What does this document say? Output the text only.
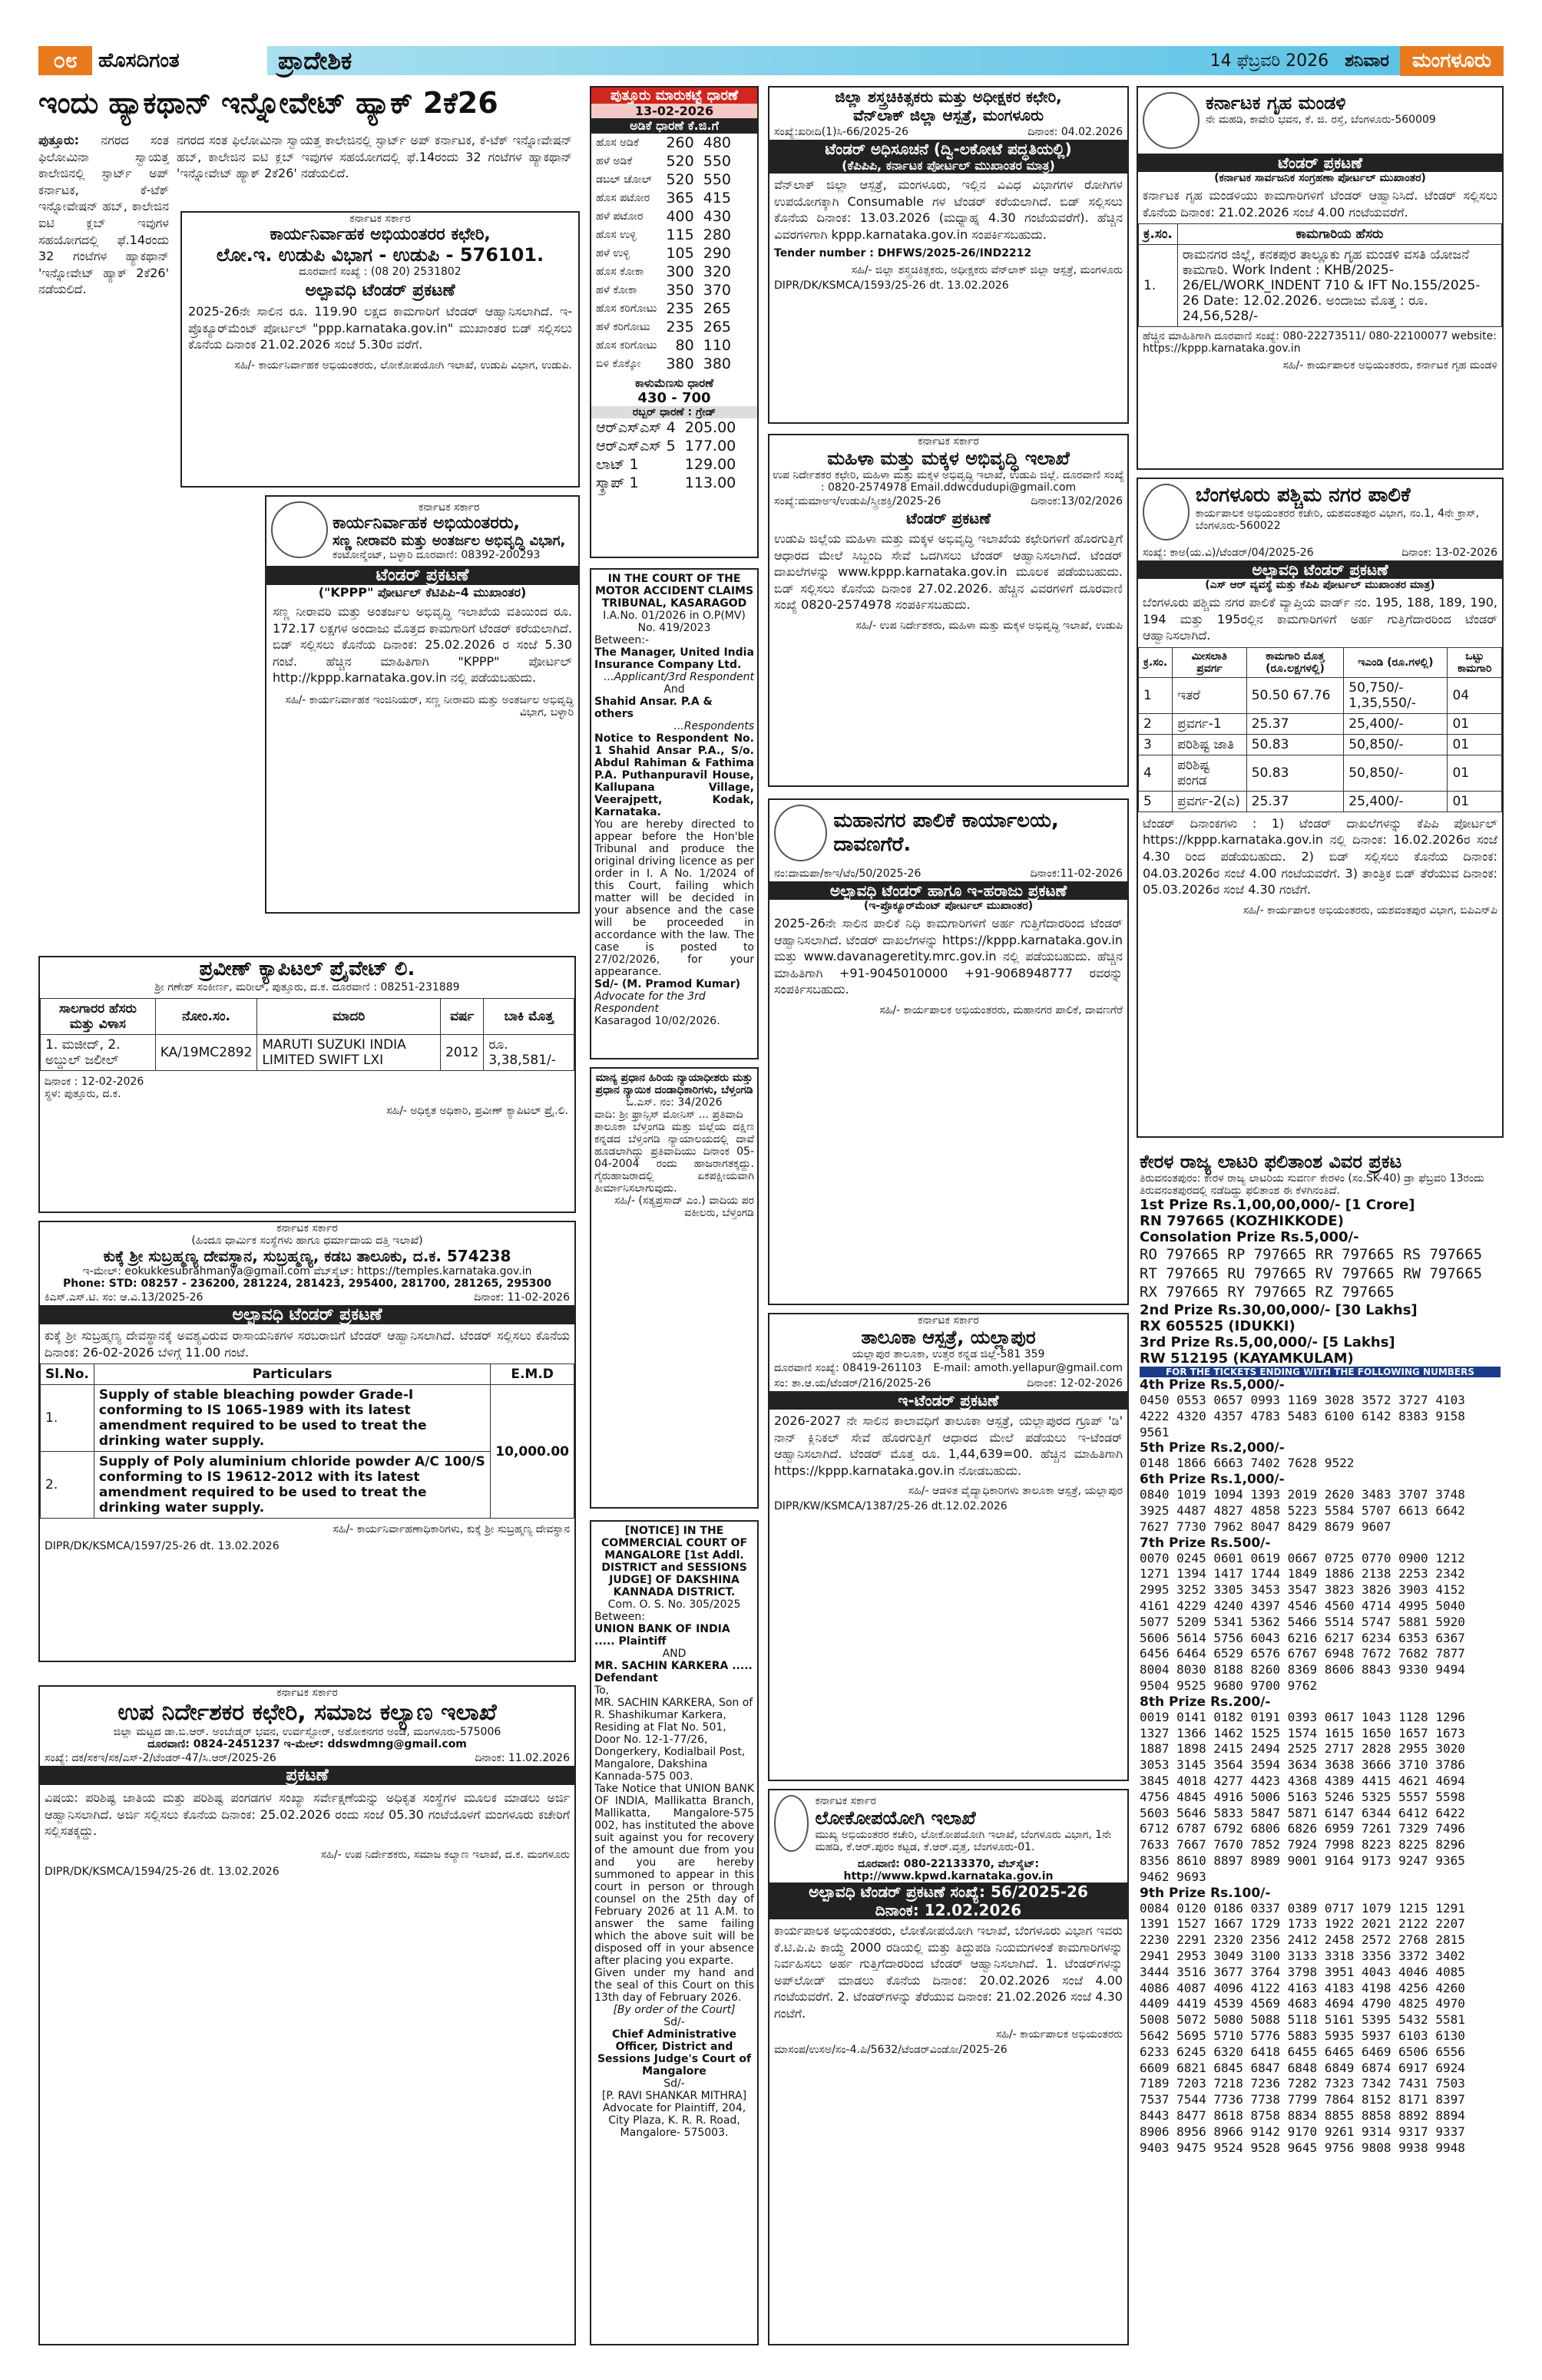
೦೮	ಹೊಸದಿಗಂತ	ಪ್ರಾದೇಶಿಕ	14 ಫೆಬ್ರವರಿ 2026 ಶನಿವಾರ	ಮಂಗಳೂರು
ಇಂದು ಹ್ಯಾಕಥಾನ್ ಇನ್ನೋವೇಟ್ ಹ್ಯಾಕ್ 2ಕೆ26
ಪುತ್ತೂರು: ನಗರದ ಸಂತ ಫಿಲೋಮಿನಾ ಸ್ವಾಯತ್ತ ಕಾಲೇಜಿನಲ್ಲಿ ಸ್ಟಾರ್ಟ್ ಅಪ್ ಕರ್ನಾಟಕ, ಕೆ-ಟೆಕ್ ಇನ್ನೋವೇಷನ್ ಹಬ್, ಕಾಲೇಜಿನ ಐಟಿ ಕ್ಲಬ್ ಇವುಗಳ ಸಹಯೋಗದಲ್ಲಿ ಫೆ.14ರಂದು 32 ಗಂಟೆಗಳ ಹ್ಯಾಕಥಾನ್ 'ಇನ್ನೋವೇಟ್ ಹ್ಯಾಕ್ 2ಕೆ26' ನಡೆಯಲಿದೆ.
ನಗರದ ಸಂತ ಫಿಲೋಮಿನಾ ಸ್ವಾಯತ್ತ ಕಾಲೇಜಿನಲ್ಲಿ ಸ್ಟಾರ್ಟ್ ಅಪ್ ಕರ್ನಾಟಕ, ಕೆ-ಟೆಕ್ ಇನ್ನೋವೇಷನ್ ಹಬ್, ಕಾಲೇಜಿನ ಐಟಿ ಕ್ಲಬ್ ಇವುಗಳ ಸಹಯೋಗದಲ್ಲಿ ಫೆ.14ರಂದು 32 ಗಂಟೆಗಳ ಹ್ಯಾಕಥಾನ್ 'ಇನ್ನೋವೇಟ್ ಹ್ಯಾಕ್ 2ಕೆ26' ನಡೆಯಲಿದೆ.
ಕರ್ನಾಟಕ ಸರ್ಕಾರ
ಕಾರ್ಯನಿರ್ವಾಹಕ ಅಭಿಯಂತರರ ಕಛೇರಿ,
ಲೋ.ಇ. ಉಡುಪಿ ವಿಭಾಗ - ಉಡುಪಿ - 576101.
ದೂರವಾಣಿ ಸಂಖ್ಯೆ : (08 20) 2531802
ಅಲ್ಪಾವಧಿ ಟೆಂಡರ್ ಪ್ರಕಟಣೆ
2025-26ನೇ ಸಾಲಿನ ರೂ. 119.90 ಲಕ್ಷದ ಕಾಮಗಾರಿಗೆ ಟೆಂಡರ್ ಆಹ್ವಾನಿಸಲಾಗಿದೆ. ಇ-ಪ್ರೊಕ್ಯೂರ್‌ಮೆಂಟ್ ಪೋರ್ಟಲ್ "ppp.karnataka.gov.in" ಮುಖಾಂತರ ಬಿಡ್ ಸಲ್ಲಿಸಲು ಕೊನೆಯ ದಿನಾಂಕ 21.02.2026 ಸಂಜೆ 5.30ರ ವರೆಗೆ.
ಸಹಿ/- ಕಾರ್ಯನಿರ್ವಾಹಕ ಅಭಿಯಂತರರು, ಲೋಕೋಪಯೋಗಿ ಇಲಾಖೆ, ಉಡುಪಿ ವಿಭಾಗ, ಉಡುಪಿ.
ಕರ್ನಾಟಕ ಸರ್ಕಾರ
ಕಾರ್ಯನಿರ್ವಾಹಕ ಅಭಿಯಂತರರು,
ಸಣ್ಣ ನೀರಾವರಿ ಮತ್ತು ಅಂತರ್ಜಲ ಅಭಿವೃದ್ಧಿ ವಿಭಾಗ,
ಕಂಟೋನ್ಮೆಂಟ್, ಬಳ್ಳಾರಿ ದೂರವಾಣಿ: 08392-200293
ಟೆಂಡರ್ ಪ್ರಕಟಣೆ
("KPPP" ಪೋರ್ಟಲ್ ಕೆಟಿಪಿಪಿ-4 ಮುಖಾಂತರ)
ಸಣ್ಣ ನೀರಾವರಿ ಮತ್ತು ಅಂತರ್ಜಲ ಅಭಿವೃದ್ಧಿ ಇಲಾಖೆಯ ವತಿಯಿಂದ ರೂ. 172.17 ಲಕ್ಷಗಳ ಅಂದಾಜು ಮೊತ್ತದ ಕಾಮಗಾರಿಗೆ ಟೆಂಡರ್ ಕರೆಯಲಾಗಿದೆ. ಬಿಡ್ ಸಲ್ಲಿಸಲು ಕೊನೆಯ ದಿನಾಂಕ: 25.02.2026 ರ ಸಂಜೆ 5.30 ಗಂಟೆ. ಹೆಚ್ಚಿನ ಮಾಹಿತಿಗಾಗಿ "KPPP" ಪೋರ್ಟಲ್ http://kppp.karnataka.gov.in ನಲ್ಲಿ ಪಡೆಯಬಹುದು.
ಸಹಿ/- ಕಾರ್ಯನಿರ್ವಾಹಕ ಇಂಜಿನಿಯರ್, ಸಣ್ಣ ನೀರಾವರಿ ಮತ್ತು ಅಂತರ್ಜಲ ಅಭಿವೃದ್ಧಿ ವಿಭಾಗ, ಬಳ್ಳಾರಿ
ಪ್ರವೀಣ್ ಕ್ಯಾಪಿಟಲ್ ಪ್ರೈವೇಟ್ ಲಿ.
ಶ್ರೀ ಗಣೇಶ್ ಸಂಕೀರ್ಣ, ಮರೀಲ್, ಪುತ್ತೂರು, ದ.ಕ. ದೂರವಾಣಿ : 08251-231889
ಸಾಲಗಾರರ ಹೆಸರು ಮತ್ತು ವಿಳಾಸ	ನೋಂ.ಸಂ.	ಮಾದರಿ	ವರ್ಷ	ಬಾಕಿ ಮೊತ್ತ
1. ಮಜೀದ್, 2. ಅಬ್ದುಲ್ ಜಲೀಲ್	KA/19MC2892	MARUTI SUZUKI INDIA LIMITED SWIFT LXI	2012	ರೂ. 3,38,581/-
ದಿನಾಂಕ : 12-02-2026
ಸ್ಥಳ: ಪುತ್ತೂರು, ದ.ಕ.
ಸಹಿ/- ಅಧಿಕೃತ ಅಧಿಕಾರಿ, ಪ್ರವೀಣ್ ಕ್ಯಾಪಿಟಲ್ ಪ್ರೈ.ಲಿ.
ಕರ್ನಾಟಕ ಸರ್ಕಾರ
(ಹಿಂದೂ ಧಾರ್ಮಿಕ ಸಂಸ್ಥೆಗಳು ಹಾಗೂ ಧರ್ಮಾದಾಯ ದತ್ತಿ ಇಲಾಖೆ)
ಕುಕ್ಕೆ ಶ್ರೀ ಸುಬ್ರಹ್ಮಣ್ಯ ದೇವಸ್ಥಾನ, ಸುಬ್ರಹ್ಮಣ್ಯ, ಕಡಬ ತಾಲೂಕು, ದ.ಕ. 574238
ಇ-ಮೇಲ್: eokukkesubrahmanya@gmail.com ವೆಬ್‌ಸೈಟ್: https://temples.karnataka.gov.in
Phone: STD: 08257 - 236200, 281224, 281423, 295400, 281700, 281265, 295300
ಕಿಎಸ್.ಎಸ್.ಟಿ. ಸಂ: ಆ.ವಿ.13/2025-26	ದಿನಾಂಕ: 11-02-2026
ಅಲ್ಪಾವಧಿ ಟೆಂಡರ್ ಪ್ರಕಟಣೆ
ಕುಕ್ಕೆ ಶ್ರೀ ಸುಬ್ರಹ್ಮಣ್ಯ ದೇವಸ್ಥಾನಕ್ಕೆ ಅವಶ್ಯವಿರುವ ರಾಸಾಯನಿಕಗಳ ಸರಬರಾಜಿಗೆ ಟೆಂಡರ್ ಆಹ್ವಾನಿಸಲಾಗಿದೆ. ಟೆಂಡರ್ ಸಲ್ಲಿಸಲು ಕೊನೆಯ ದಿನಾಂಕ: 26-02-2026 ಬೆಳಿಗ್ಗೆ 11.00 ಗಂಟೆ.
Sl.No.	Particulars	E.M.D
1.	Supply of stable bleaching powder Grade-I conforming to IS 1065-1989 with its latest amendment required to be used to treat the drinking water supply.	10,000.00
2.	Supply of Poly aluminium chloride powder A/C 100/S conforming to IS 19612-2012 with its latest amendment required to be used to treat the drinking water supply.	
ಸಹಿ/- ಕಾರ್ಯನಿರ್ವಾಹಣಾಧಿಕಾರಿಗಳು, ಕುಕ್ಕೆ ಶ್ರೀ ಸುಬ್ರಹ್ಮಣ್ಯ ದೇವಸ್ಥಾನ
DIPR/DK/KSMCA/1597/25-26 dt. 13.02.2026
ಕರ್ನಾಟಕ ಸರ್ಕಾರ
ಉಪ ನಿರ್ದೇಶಕರ ಕಛೇರಿ, ಸಮಾಜ ಕಲ್ಯಾಣ ಇಲಾಖೆ
ಜಿಲ್ಲಾ ಮಟ್ಟದ ಡಾ.ಬಿ.ಆರ್. ಅಂಬೇಡ್ಕರ್ ಭವನ, ಉರ್ವಸ್ಟೋರ್, ಅಶೋಕನಗರ ಅಂಚೆ, ಮಂಗಳೂರು-575006
ದೂರವಾಣಿ: 0824-2451237 ಇ-ಮೇಲ್: ddswdmng@gmail.com
ಸಂಖ್ಯೆ: ದಕ/ಸಕಇ/ಸಕ/ಎಸ್-2/ಟೆಂಡರ್-47/ಸಿ.ಆರ್/2025-26	ದಿನಾಂಕ: 11.02.2026
ಪ್ರಕಟಣೆ
ವಿಷಯ: ಪರಿಶಿಷ್ಟ ಜಾತಿಯ ಮತ್ತು ಪರಿಶಿಷ್ಟ ಪಂಗಡಗಳ ಸಂಖ್ಯಾ ಸರ್ವೇಕ್ಷಣೆಯನ್ನು ಅಧಿಕೃತ ಸಂಸ್ಥೆಗಳ ಮೂಲಕ ಮಾಡಲು ಅರ್ಜಿ ಆಹ್ವಾನಿಸಲಾಗಿದೆ. ಅರ್ಜಿ ಸಲ್ಲಿಸಲು ಕೊನೆಯ ದಿನಾಂಕ: 25.02.2026 ರಂದು ಸಂಜೆ 05.30 ಗಂಟೆಯೊಳಗೆ ಮಂಗಳೂರು ಕಚೇರಿಗೆ ಸಲ್ಲಿಸತಕ್ಕದ್ದು.
ಸಹಿ/- ಉಪ ನಿರ್ದೇಶಕರು, ಸಮಾಜ ಕಲ್ಯಾಣ ಇಲಾಖೆ, ದ.ಕ. ಮಂಗಳೂರು
DIPR/DK/KSMCA/1594/25-26 dt. 13.02.2026
ಪುತ್ತೂರು ಮಾರುಕಟ್ಟೆ ಧಾರಣೆ
13-02-2026
ಅಡಿಕೆ ಧಾರಣೆ ಕೆ.ಜಿ.ಗೆ
ಹೊಸ ಅಡಿಕೆ	260	480
ಹಳೆ ಅಡಿಕೆ	520	550
ಡಬಲ್ ಚೋಲ್	520	550
ಹೊಸ ಪಟೋರ	365	415
ಹಳೆ ಪಟೋರ	400	430
ಹೊಸ ಉಳ್ಳಿ	115	280
ಹಳೆ ಉಳ್ಳಿ	105	290
ಹೊಸ ಕೋಕಾ	300	320
ಹಳೆ ಕೋಕಾ	350	370
ಹೊಸ ಕರಿಗೋಟು	235	265
ಹಳೆ ಕರಿಗೋಟು	235	265
ಹೊಸ ಕರಿಗೋಟು	80	110
ಬಿಳಿ ಕೊಕ್ಕೋ	380	380
ಕಾಳುಮೆಣಸು ಧಾರಣೆ
430 - 700
ರಬ್ಬರ್ ಧಾರಣೆ : ಗ್ರೇಡ್
ಆರ್‌ಎಸ್ಎಸ್ 4	205.00
ಆರ್‌ಎಸ್ಎಸ್ 5	177.00
ಲಾಟ್ 1	129.00
ಸ್ಕ್ರಾಪ್ 1	113.00
IN THE COURT OF THE MOTOR ACCIDENT CLAIMS TRIBUNAL, KASARAGOD
I.A.No. 01/2026 in O.P(MV) No. 419/2023
Between:-
The Manager, United India Insurance Company Ltd.
...Applicant/3rd Respondent
And
Shahid Ansar. P.A & others
...Respondents
Notice to Respondent No. 1 Shahid Ansar P.A., S/o. Abdul Rahiman & Fathima P.A. Puthanpuravil House, Kallupana Village, Veerajpett, Kodak, Karnataka.
You are hereby directed to appear before the Hon'ble Tribunal and produce the original driving licence as per order in I. A No. 1/2024 of this Court, failing which matter will be decided in your absence and the case will be proceeded in accordance with the law. The case is posted to 27/02/2026, for your appearance.
Sd/- (M. Pramod Kumar)
Advocate for the 3rd Respondent
Kasaragod 10/02/2026.
ಮಾನ್ಯ ಪ್ರಧಾನ ಹಿರಿಯ ನ್ಯಾಯಾಧೀಶರು ಮತ್ತು ಪ್ರಧಾನ ನ್ಯಾಯಿಕ ದಂಡಾಧಿಕಾರಿಗಳು, ಬೆಳ್ತಂಗಡಿ
ಓ.ಎಸ್. ನಂ: 34/2026
ವಾದಿ: ಶ್ರೀ ಫ್ರಾನ್ಸಿಸ್ ಮೋನಿಸ್ ... ಪ್ರತಿವಾದಿ
ತಾಲೂಕಾ ಬೆಳ್ತಂಗಡಿ ಮತ್ತು ಜಿಲ್ಲೆಯ ದಕ್ಷಿಣ ಕನ್ನಡದ ಬೆಳ್ತಂಗಡಿ ನ್ಯಾಯಾಲಯದಲ್ಲಿ ದಾವೆ ಹೂಡಲಾಗಿದ್ದು ಪ್ರತಿವಾದಿಯು ದಿನಾಂಕ 05-04-2004 ರಂದು ಹಾಜರಾಗತಕ್ಕದ್ದು. ಗೈರುಹಾಜರಾದಲ್ಲಿ ಏಕಪಕ್ಷೀಯವಾಗಿ ತೀರ್ಮಾನಿಸಲಾಗುವುದು.
ಸಹಿ/- (ಸತ್ಯಪ್ರಸಾದ್ ಎಂ.) ವಾದಿಯ ಪರ ವಕೀಲರು, ಬೆಳ್ತಂಗಡಿ
[NOTICE] IN THE COMMERCIAL COURT OF MANGALORE [1st Addl. DISTRICT and SESSIONS JUDGE] OF DAKSHINA KANNADA DISTRICT.
Com. O. S. No. 305/2025
Between:
UNION BANK OF INDIA ..... Plaintiff
AND
MR. SACHIN KARKERA ..... Defendant
To,
MR. SACHIN KARKERA, Son of R. Shashikumar Karkera, Residing at Flat No. 501, Door No. 12-1-77/26, Dongerkery, Kodialbail Post, Mangalore, Dakshina Kannada-575 003.
Take Notice that UNION BANK OF INDIA, Mallikatta Branch, Mallikatta, Mangalore-575 002, has instituted the above suit against you for recovery of the amount due from you and you are hereby summoned to appear in this court in person or through counsel on the 25th day of February 2026 at 11 A.M. to answer the same failing which the above suit will be disposed off in your absence after placing you exparte.
Given under my hand and the seal of this Court on this 13th day of February 2026.
[By order of the Court]
Sd/-
Chief Administrative Officer, District and Sessions Judge's Court of Mangalore
Sd/-
[P. RAVI SHANKAR MITHRA] Advocate for Plaintiff, 204, City Plaza, K. R. R. Road, Mangalore- 575003.
ಜಿಲ್ಲಾ ಶಸ್ತ್ರಚಿಕಿತ್ಸಕರು ಮತ್ತು ಅಧೀಕ್ಷಕರ ಕಛೇರಿ,
ವೆನ್‌ಲಾಕ್ ಜಿಲ್ಲಾ ಆಸ್ಪತ್ರೆ, ಮಂಗಳೂರು
ಸಂಖ್ಯೆ:ಖರೀದಿ(1)ಸಿ-66/2025-26	ದಿನಾಂಕ: 04.02.2026
ಟೆಂಡರ್ ಅಧಿಸೂಚನೆ (ದ್ವಿ-ಲಕೋಟೆ ಪದ್ಧತಿಯಲ್ಲಿ)
(ಕೆಪಿಪಿಪಿ, ಕರ್ನಾಟಕ ಪೋರ್ಟಲ್ ಮುಖಾಂತರ ಮಾತ್ರ)
ವೆನ್‌ಲಾಕ್ ಜಿಲ್ಲಾ ಆಸ್ಪತ್ರೆ, ಮಂಗಳೂರು, ಇಲ್ಲಿನ ವಿವಿಧ ವಿಭಾಗಗಳ ರೋಗಿಗಳ ಉಪಯೋಗಕ್ಕಾಗಿ Consumable ಗಳ ಟೆಂಡರ್ ಕರೆಯಲಾಗಿದೆ. ಬಿಡ್ ಸಲ್ಲಿಸಲು ಕೊನೆಯ ದಿನಾಂಕ: 13.03.2026 (ಮಧ್ಯಾಹ್ನ 4.30 ಗಂಟೆಯವರೆಗೆ). ಹೆಚ್ಚಿನ ವಿವರಗಳಿಗಾಗಿ kppp.karnataka.gov.in ಸಂಪರ್ಕಿಸಬಹುದು.
Tender number : DHFWS/2025-26/IND2212
ಸಹಿ/- ಜಿಲ್ಲಾ ಶಸ್ತ್ರಚಿಕಿತ್ಸಕರು, ಅಧೀಕ್ಷಕರು ವೆನ್‌ಲಾಕ್ ಜಿಲ್ಲಾ ಆಸ್ಪತ್ರೆ, ಮಂಗಳೂರು
DIPR/DK/KSMCA/1593/25-26 dt. 13.02.2026
ಕರ್ನಾಟಕ ಸರ್ಕಾರ
ಮಹಿಳಾ ಮತ್ತು ಮಕ್ಕಳ ಅಭಿವೃದ್ಧಿ ಇಲಾಖೆ
ಉಪ ನಿರ್ದೇಶಕರ ಕಛೇರಿ, ಮಹಿಳಾ ಮತ್ತು ಮಕ್ಕಳ ಅಭಿವೃದ್ಧಿ ಇಲಾಖೆ, ಉಡುಪಿ ಜಿಲ್ಲೆ. ದೂರವಾಣಿ ಸಂಖ್ಯೆ : 0820-2574978 Email.ddwcdudupi@gmail.com
ಸಂಖ್ಯೆ:ಮಮಾಅಇ/ಉಡುಪಿ/ಸ್ತ್ರೀಶಕ್ತಿ/2025-26	ದಿನಾಂಕ:13/02/2026
ಟೆಂಡರ್ ಪ್ರಕಟಣೆ
ಉಡುಪಿ ಜಿಲ್ಲೆಯ ಮಹಿಳಾ ಮತ್ತು ಮಕ್ಕಳ ಅಭಿವೃದ್ಧಿ ಇಲಾಖೆಯ ಕಛೇರಿಗಳಿಗೆ ಹೊರಗುತ್ತಿಗೆ ಆಧಾರದ ಮೇಲೆ ಸಿಬ್ಬಂದಿ ಸೇವೆ ಒದಗಿಸಲು ಟೆಂಡರ್ ಆಹ್ವಾನಿಸಲಾಗಿದೆ. ಟೆಂಡರ್ ದಾಖಲೆಗಳನ್ನು www.kppp.karnataka.gov.in ಮೂಲಕ ಪಡೆಯಬಹುದು. ಬಿಡ್ ಸಲ್ಲಿಸಲು ಕೊನೆಯ ದಿನಾಂಕ 27.02.2026. ಹೆಚ್ಚಿನ ವಿವರಗಳಿಗೆ ದೂರವಾಣಿ ಸಂಖ್ಯೆ 0820-2574978 ಸಂಪರ್ಕಿಸಬಹುದು.
ಸಹಿ/- ಉಪ ನಿರ್ದೇಶಕರು, ಮಹಿಳಾ ಮತ್ತು ಮಕ್ಕಳ ಅಭಿವೃದ್ಧಿ ಇಲಾಖೆ, ಉಡುಪಿ
ಮಹಾನಗರ ಪಾಲಿಕೆ ಕಾರ್ಯಾಲಯ, ದಾವಣಗೆರೆ.
ನಂ:ದಾಮಪಾ/ಕಾಇ/ಟೆಂ/50/2025-26	ದಿನಾಂಕ:11-02-2026
ಅಲ್ಪಾವಧಿ ಟೆಂಡರ್ ಹಾಗೂ ಇ-ಹರಾಜು ಪ್ರಕಟಣೆ
(ಇ-ಪ್ರೊಕ್ಯೂರ್‌ಮೆಂಟ್ ಪೋರ್ಟಲ್ ಮುಖಾಂತರ)
2025-26ನೇ ಸಾಲಿನ ಪಾಲಿಕೆ ನಿಧಿ ಕಾಮಗಾರಿಗಳಿಗೆ ಅರ್ಹ ಗುತ್ತಿಗೆದಾರರಿಂದ ಟೆಂಡರ್ ಆಹ್ವಾನಿಸಲಾಗಿದೆ. ಟೆಂಡರ್ ದಾಖಲೆಗಳನ್ನು https://kppp.karnataka.gov.in ಮತ್ತು www.davanageretity.mrc.gov.in ನಲ್ಲಿ ಪಡೆಯಬಹುದು. ಹೆಚ್ಚಿನ ಮಾಹಿತಿಗಾಗಿ +91-9045010000 +91-9068948777 ರವರನ್ನು ಸಂಪರ್ಕಿಸಬಹುದು.
ಸಹಿ/- ಕಾರ್ಯಪಾಲಕ ಅಭಿಯಂತರರು, ಮಹಾನಗರ ಪಾಲಿಕೆ, ದಾವಣಗೆರೆ
ಕರ್ನಾಟಕ ಸರ್ಕಾರ
ತಾಲೂಕಾ ಆಸ್ಪತ್ರೆ, ಯಲ್ಲಾಪುರ
ಯಲ್ಲಾಪುರ ತಾಲೂಕಾ, ಉತ್ತರ ಕನ್ನಡ ಜಿಲ್ಲೆ-581 359
ದೂರವಾಣಿ ಸಂಖ್ಯೆ: 08419-261103 E-mail: amoth.yellapur@gmail.com
ಸಂ: ತಾ.ಆ.ಯ/ಟೆಂಡರ್/216/2025-26	ದಿನಾಂಕ: 12-02-2026
ಇ-ಟೆಂಡರ್ ಪ್ರಕಟಣೆ
2026-2027 ನೇ ಸಾಲಿನ ಕಾಲಾವಧಿಗೆ ತಾಲೂಕಾ ಆಸ್ಪತ್ರೆ, ಯಲ್ಲಾಪುರದ ಗ್ರೂಪ್ 'ಡಿ' ನಾನ್ ಕ್ಲಿನಿಕಲ್ ಸೇವೆ ಹೊರಗುತ್ತಿಗೆ ಆಧಾರದ ಮೇಲೆ ಪಡೆಯಲು ಇ-ಟೆಂಡರ್ ಆಹ್ವಾನಿಸಲಾಗಿದೆ. ಟೆಂಡರ್ ಮೊತ್ತ ರೂ. 1,44,639=00. ಹೆಚ್ಚಿನ ಮಾಹಿತಿಗಾಗಿ https://kppp.karnataka.gov.in ನೋಡಬಹುದು.
ಸಹಿ/- ಆಡಳಿತ ವೈದ್ಯಾಧಿಕಾರಿಗಳು ತಾಲೂಕಾ ಆಸ್ಪತ್ರೆ, ಯಲ್ಲಾಪುರ
DIPR/KW/KSMCA/1387/25-26 dt.12.02.2026
ಕರ್ನಾಟಕ ಸರ್ಕಾರ
ಲೋಕೋಪಯೋಗಿ ಇಲಾಖೆ
ಮುಖ್ಯ ಅಭಿಯಂತರರ ಕಚೇರಿ, ಲೋಕೋಪಯೋಗಿ ಇಲಾಖೆ, ಬೆಂಗಳೂರು ವಿಭಾಗ, 1ನೇ ಮಹಡಿ, ಕೆ.ಆರ್.ಪುರಂ ಕಟ್ಟಡ, ಕೆ.ಆರ್.ವೃತ್ತ, ಬೆಂಗಳೂರು-01.
ದೂರವಾಣಿ: 080-22133370, ವೆಬ್‌ಸೈಟ್: http://www.kpwd.karnataka.gov.in
ಅಲ್ಪಾವಧಿ ಟೆಂಡರ್ ಪ್ರಕಟಣೆ ಸಂಖ್ಯೆ: 56/2025-26
ದಿನಾಂಕ: 12.02.2026
ಕಾರ್ಯಪಾಲಕ ಅಭಿಯಂತರರು, ಲೋಕೋಪಯೋಗಿ ಇಲಾಖೆ, ಬೆಂಗಳೂರು ವಿಭಾಗ ಇವರು ಕೆ.ಟಿ.ಪಿ.ಪಿ ಕಾಯ್ದೆ 2000 ರಡಿಯಲ್ಲಿ ಮತ್ತು ತಿದ್ದುಪಡಿ ನಿಯಮಗಳಂತೆ ಕಾಮಗಾರಿಗಳನ್ನು ನಿರ್ವಹಿಸಲು ಅರ್ಹ ಗುತ್ತಿಗೆದಾರರಿಂದ ಟೆಂಡರ್ ಆಹ್ವಾನಿಸಲಾಗಿದೆ. 1. ಟೆಂಡರ್‌ಗಳನ್ನು ಅಪ್‌ಲೋಡ್ ಮಾಡಲು ಕೊನೆಯ ದಿನಾಂಕ: 20.02.2026 ಸಂಜೆ 4.00 ಗಂಟೆಯವರೆಗೆ. 2. ಟೆಂಡರ್‌ಗಳನ್ನು ತೆರೆಯುವ ದಿನಾಂಕ: 21.02.2026 ಸಂಜೆ 4.30 ಗಂಟೆಗೆ.
ಸಹಿ/- ಕಾರ್ಯಪಾಲಕ ಅಭಿಯಂತರರು
ಮಾಸಂಪ/ಉಸಅ/ಸಂ-4.ಪಿ/5632/ಟೆಂಡರ್‌ವಿಂಡೋ/2025-26
ಕರ್ನಾಟಕ ಗೃಹ ಮಂಡಳಿ
ನೇ ಮಹಡಿ, ಕಾವೇರಿ ಭವನ, ಕೆ. ಜಿ. ರಸ್ತೆ, ಬೆಂಗಳೂರು-560009
ಟೆಂಡರ್ ಪ್ರಕಟಣೆ
(ಕರ್ನಾಟಕ ಸಾರ್ವಜನಿಕ ಸಂಗ್ರಹಣಾ ಪೋರ್ಟಲ್ ಮುಖಾಂತರ)
ಕರ್ನಾಟಕ ಗೃಹ ಮಂಡಳಿಯು ಕಾಮಗಾರಿಗಳಿಗೆ ಟೆಂಡರ್ ಆಹ್ವಾನಿಸಿದೆ. ಟೆಂಡರ್ ಸಲ್ಲಿಸಲು ಕೊನೆಯ ದಿನಾಂಕ: 21.02.2026 ಸಂಜೆ 4.00 ಗಂಟೆಯವರೆಗೆ.
ಕ್ರ.ಸಂ.	ಕಾಮಗಾರಿಯ ಹೆಸರು
1.	ರಾಮನಗರ ಜಿಲ್ಲೆ, ಕನಕಪುರ ತಾಲ್ಲೂಕು ಗೃಹ ಮಂಡಳಿ ವಸತಿ ಯೋಜನೆ ಕಾಮಗಾರಿ. Work Indent : KHB/2025-26/EL/WORK_INDENT 710 & IFT No.155/2025-26 Date: 12.02.2026. ಅಂದಾಜು ಮೊತ್ತ : ರೂ. 24,56,528/-
ಹೆಚ್ಚಿನ ಮಾಹಿತಿಗಾಗಿ ದೂರವಾಣಿ ಸಂಖ್ಯೆ: 080-22273511/ 080-22100077 website: https://kppp.karnataka.gov.in
ಸಹಿ/- ಕಾರ್ಯಪಾಲಕ ಅಭಿಯಂತರರು, ಕರ್ನಾಟಕ ಗೃಹ ಮಂಡಳಿ
ಬೆಂಗಳೂರು ಪಶ್ಚಿಮ ನಗರ ಪಾಲಿಕೆ
ಕಾರ್ಯಪಾಲಕ ಅಭಿಯಂತರರ ಕಚೇರಿ, ಯಶವಂತಪುರ ವಿಭಾಗ, ನಂ.1, 4ನೇ ಕ್ರಾಸ್, ಬೆಂಗಳೂರು-560022
ಸಂಖ್ಯೆ: ಕಾಅ(ಯ.ವಿ)/ಟೆಂಡರ್/04/2025-26	ದಿನಾಂಕ: 13-02-2026
ಅಲ್ಪಾವಧಿ ಟೆಂಡರ್ ಪ್ರಕಟಣೆ
(ಎಸ್ ಆರ್ ವ್ಯವಸ್ಥೆ ಮತ್ತು ಕೆಪಿಪಿ ಪೋರ್ಟಲ್ ಮುಖಾಂತರ ಮಾತ್ರ)
ಬೆಂಗಳೂರು ಪಶ್ಚಿಮ ನಗರ ಪಾಲಿಕೆ ವ್ಯಾಪ್ತಿಯ ವಾರ್ಡ್ ನಂ. 195, 188, 189, 190, 194 ಮತ್ತು 195ರಲ್ಲಿನ ಕಾಮಗಾರಿಗಳಿಗೆ ಅರ್ಹ ಗುತ್ತಿಗೆದಾರರಿಂದ ಟೆಂಡರ್ ಆಹ್ವಾನಿಸಲಾಗಿದೆ.
ಕ್ರ.ಸಂ.	ಮೀಸಲಾತಿ ಪ್ರವರ್ಗ	ಕಾಮಗಾರಿ ಮೊತ್ತ (ರೂ.ಲಕ್ಷಗಳಲ್ಲಿ)	ಇಎಂಡಿ (ರೂ.ಗಳಲ್ಲಿ)	ಒಟ್ಟು ಕಾಮಗಾರಿ
1	ಇತರೆ	50.50 67.76	50,750/- 1,35,550/-	04
2	ಪ್ರವರ್ಗ-1	25.37	25,400/-	01
3	ಪರಿಶಿಷ್ಟ ಜಾತಿ	50.83	50,850/-	01
4	ಪರಿಶಿಷ್ಟ ಪಂಗಡ	50.83	50,850/-	01
5	ಪ್ರವರ್ಗ-2(ಎ)	25.37	25,400/-	01
ಟೆಂಡರ್ ದಿನಾಂಕಗಳು : 1) ಟೆಂಡರ್ ದಾಖಲೆಗಳನ್ನು ಕೆಪಿಪಿ ಪೋರ್ಟಲ್ https://kppp.karnataka.gov.in ನಲ್ಲಿ ದಿನಾಂಕ: 16.02.2026ರ ಸಂಜೆ 4.30 ರಿಂದ ಪಡೆಯಬಹುದು. 2) ಬಿಡ್ ಸಲ್ಲಿಸಲು ಕೊನೆಯ ದಿನಾಂಕ: 04.03.2026ರ ಸಂಜೆ 4.00 ಗಂಟೆಯವರೆಗೆ. 3) ತಾಂತ್ರಿಕ ಬಿಡ್ ತೆರೆಯುವ ದಿನಾಂಕ: 05.03.2026ರ ಸಂಜೆ 4.30 ಗಂಟೆಗೆ.
ಸಹಿ/- ಕಾರ್ಯಪಾಲಕ ಅಭಿಯಂತರರು, ಯಶವಂತಪುರ ವಿಭಾಗ, ಬಿಪಿಎನ್‌ಪಿ
ಕೇರಳ ರಾಜ್ಯ ಲಾಟರಿ ಫಲಿತಾಂಶ ವಿವರ ಪ್ರಕಟ
ತಿರುವನಂತಪುರಂ: ಕೇರಳ ರಾಜ್ಯ ಲಾಟರಿಯ ಸುವರ್ಣ ಕೇರಳಂ (ಸಂ.SK-40) ಡ್ರಾ ಫೆಬ್ರವರಿ 13ರಂದು ತಿರುವನಂತಪುರದಲ್ಲಿ ನಡೆದಿದ್ದು ಫಲಿತಾಂಶ ಈ ಕೆಳಗಿನಂತಿದೆ.
1st Prize Rs.1,00,00,000/- [1 Crore]
RN 797665 (KOZHIKKODE)
Consolation Prize Rs.5,000/-
RO 797665 RP 797665 RR 797665 RS 797665 RT 797665 RU 797665 RV 797665 RW 797665 RX 797665 RY 797665 RZ 797665
2nd Prize Rs.30,00,000/- [30 Lakhs]
RX 605525 (IDUKKI)
3rd Prize Rs.5,00,000/- [5 Lakhs]
RW 512195 (KAYAMKULAM)
FOR THE TICKETS ENDING WITH THE FOLLOWING NUMBERS
4th Prize Rs.5,000/-
0450 0553 0657 0993 1169 3028 3572 3727 4103 4222 4320 4357 4783 5483 6100 6142 8383 9158 9561
5th Prize Rs.2,000/-
0148 1866 6663 7402 7628 9522
6th Prize Rs.1,000/-
0840 1019 1094 1393 2019 2620 3483 3707 3748 3925 4487 4827 4858 5223 5584 5707 6613 6642 7627 7730 7962 8047 8429 8679 9607
7th Prize Rs.500/-
0070 0245 0601 0619 0667 0725 0770 0900 1212 1271 1394 1417 1744 1849 1886 2138 2253 2342 2995 3252 3305 3453 3547 3823 3826 3903 4152 4161 4229 4240 4397 4546 4560 4714 4995 5040 5077 5209 5341 5362 5466 5514 5747 5881 5920 5606 5614 5756 6043 6216 6217 6234 6353 6367 6456 6464 6529 6576 6767 6948 7672 7682 7877 8004 8030 8188 8260 8369 8606 8843 9330 9494 9504 9525 9680 9700 9762
8th Prize Rs.200/-
0019 0141 0182 0191 0393 0617 1043 1128 1296 1327 1366 1462 1525 1574 1615 1650 1657 1673 1887 1898 2415 2494 2525 2717 2828 2955 3020 3053 3145 3564 3594 3634 3638 3666 3710 3786 3845 4018 4277 4423 4368 4389 4415 4621 4694 4756 4845 4916 5006 5163 5246 5325 5557 5598 5603 5646 5833 5847 5871 6147 6344 6412 6422 6712 6787 6792 6806 6826 6959 7261 7329 7496 7633 7667 7670 7852 7924 7998 8223 8225 8296 8356 8610 8897 8989 9001 9164 9173 9247 9365 9462 9693
9th Prize Rs.100/-
0084 0120 0186 0337 0389 0717 1079 1215 1291 1391 1527 1667 1729 1733 1922 2021 2122 2207 2230 2291 2320 2356 2412 2458 2572 2768 2815 2941 2953 3049 3100 3133 3318 3356 3372 3402 3444 3516 3677 3764 3798 3951 4043 4046 4085 4086 4087 4096 4122 4163 4183 4198 4256 4260 4409 4419 4539 4569 4683 4694 4790 4825 4970 5008 5072 5080 5088 5118 5161 5395 5432 5581 5642 5695 5710 5776 5883 5935 5937 6103 6130 6233 6245 6320 6418 6455 6465 6469 6506 6556 6609 6821 6845 6847 6848 6849 6874 6917 6924 7189 7203 7218 7236 7282 7323 7342 7431 7503 7537 7544 7736 7738 7799 7864 8152 8171 8397 8443 8477 8618 8758 8834 8855 8858 8892 8894 8906 8956 8966 9142 9170 9261 9314 9317 9337 9403 9475 9524 9528 9645 9756 9808 9938 9948
